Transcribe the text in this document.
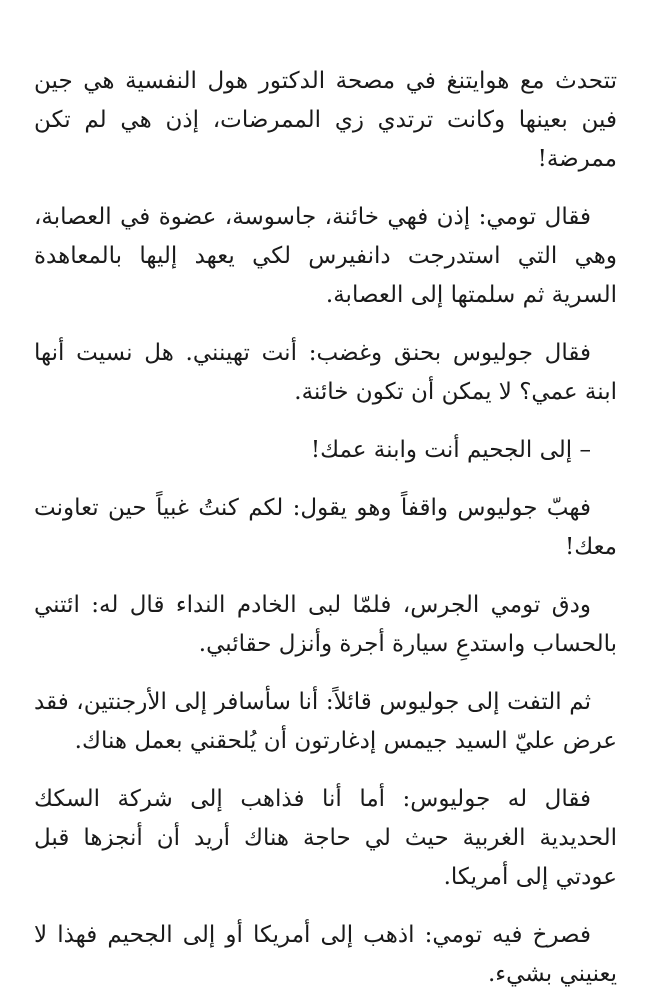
تتحدث مع هوايتنغ في مصحة الدكتور هول النفسية هي جين فين بعينها وكانت ترتدي زي الممرضات، إذن هي لم تكن ممرضة!

فقال تومي: إذن فهي خائنة، جاسوسة، عضوة في العصابة، وهي التي استدرجت دانفيرس لكي يعهد إليها بالمعاهدة السرية ثم سلمتها إلى العصابة.

فقال جوليوس بحنق وغضب: أنت تهينني. هل نسيت أنها ابنة عمي؟ لا يمكن أن تكون خائنة.

– إلى الجحيم أنت وابنة عمك!

فهبّ جوليوس واقفاً وهو يقول: لكم كنتُ غبياً حين تعاونت معك!

ودق تومي الجرس، فلمّا لبى الخادم النداء قال له: ائتني بالحساب واستدعِ سيارة أجرة وأنزل حقائبي.

ثم التفت إلى جوليوس قائلاً: أنا سأسافر إلى الأرجنتين، فقد عرض عليّ السيد جيمس إدغارتون أن يُلحقني بعمل هناك.

فقال له جوليوس: أما أنا فذاهب إلى شركة السكك الحديدية الغربية حيث لي حاجة هناك أريد أن أنجزها قبل عودتي إلى أمريكا.

فصرخ فيه تومي: اذهب إلى أمريكا أو إلى الجحيم فهذا لا يعنيني بشيء.
